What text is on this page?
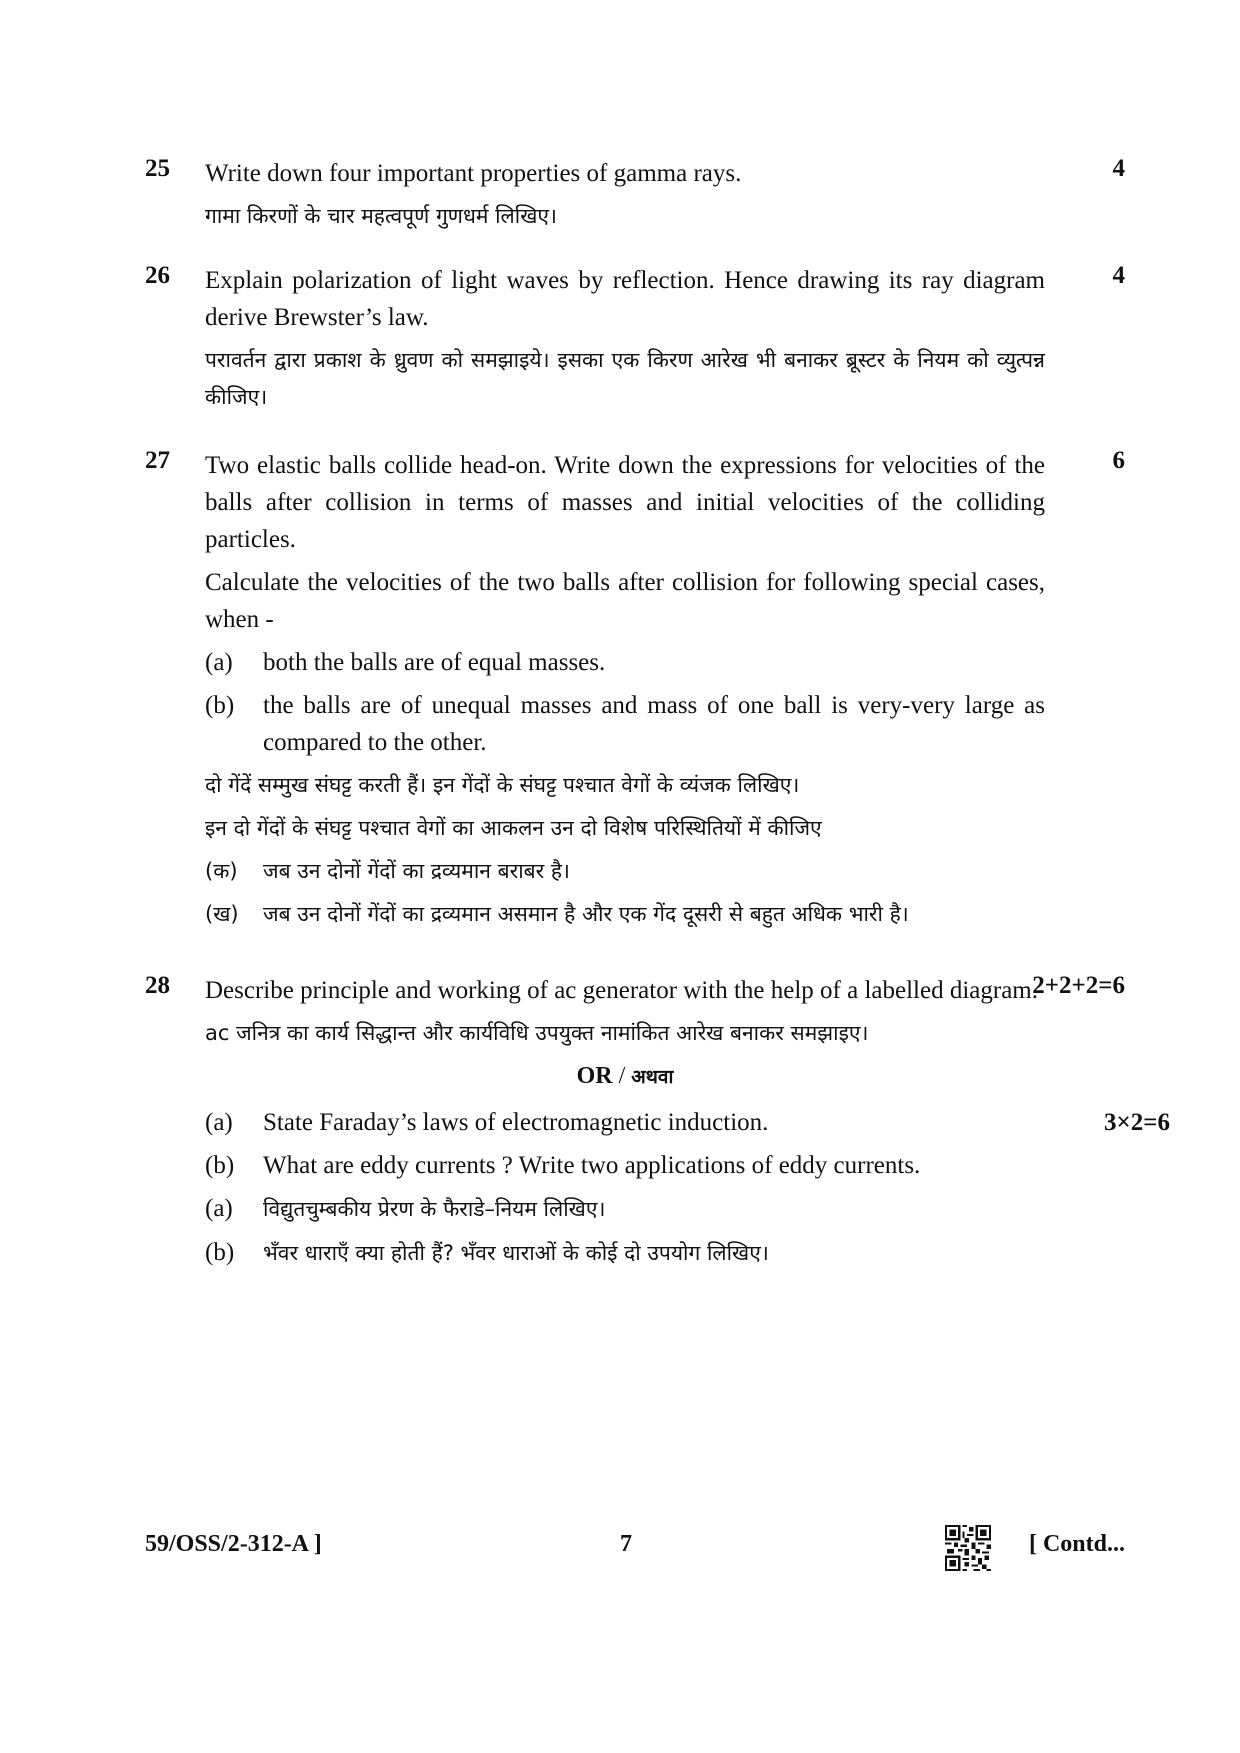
25	4
Write down four important properties of gamma rays.
गामा किरणों के चार महत्वपूर्ण गुणधर्म लिखिए।
26	4
Explain polarization of light waves by reflection. Hence drawing its ray diagram derive Brewster’s law.
परावर्तन द्वारा प्रकाश के ध्रुवण को समझाइये। इसका एक किरण आरेख भी बनाकर ब्रूस्टर के नियम को व्युत्पन्न कीजिए।
27	6
Two elastic balls collide head-on. Write down the expressions for velocities of the balls after collision in terms of masses and initial velocities of the colliding particles.
Calculate the velocities of the two balls after collision for following special cases, when -
(a) both the balls are of equal masses.
(b) the balls are of unequal masses and mass of one ball is very-very large as compared to the other.
दो गेंदें सम्मुख संघट्ट करती हैं। इन गेंदों के संघट्ट पश्चात वेगों के व्यंजक लिखिए।
इन दो गेंदों के संघट्ट पश्चात वेगों का आकलन उन दो विशेष परिस्थितियों में कीजिए
(क) जब उन दोनों गेंदों का द्रव्यमान बराबर है।
(ख) जब उन दोनों गेंदों का द्रव्यमान असमान है और एक गेंद दूसरी से बहुत अधिक भारी है।
28	2+2+2=6
Describe principle and working of ac generator with the help of a labelled diagram.
ac जनित्र का कार्य सिद्धान्त और कार्यविधि उपयुक्त नामांकित आरेख बनाकर समझाइए।
OR / अथवा
(a) State Faraday’s laws of electromagnetic induction.	3×2=6
(b) What are eddy currents ? Write two applications of eddy currents.
(a) विद्युतचुम्बकीय प्रेरण के फैराडे–नियम लिखिए।
(b) भँवर धाराएँ क्या होती हैं? भँवर धाराओं के कोई दो उपयोग लिखिए।
59/OSS/2-312-A ]	7	[ Contd...
